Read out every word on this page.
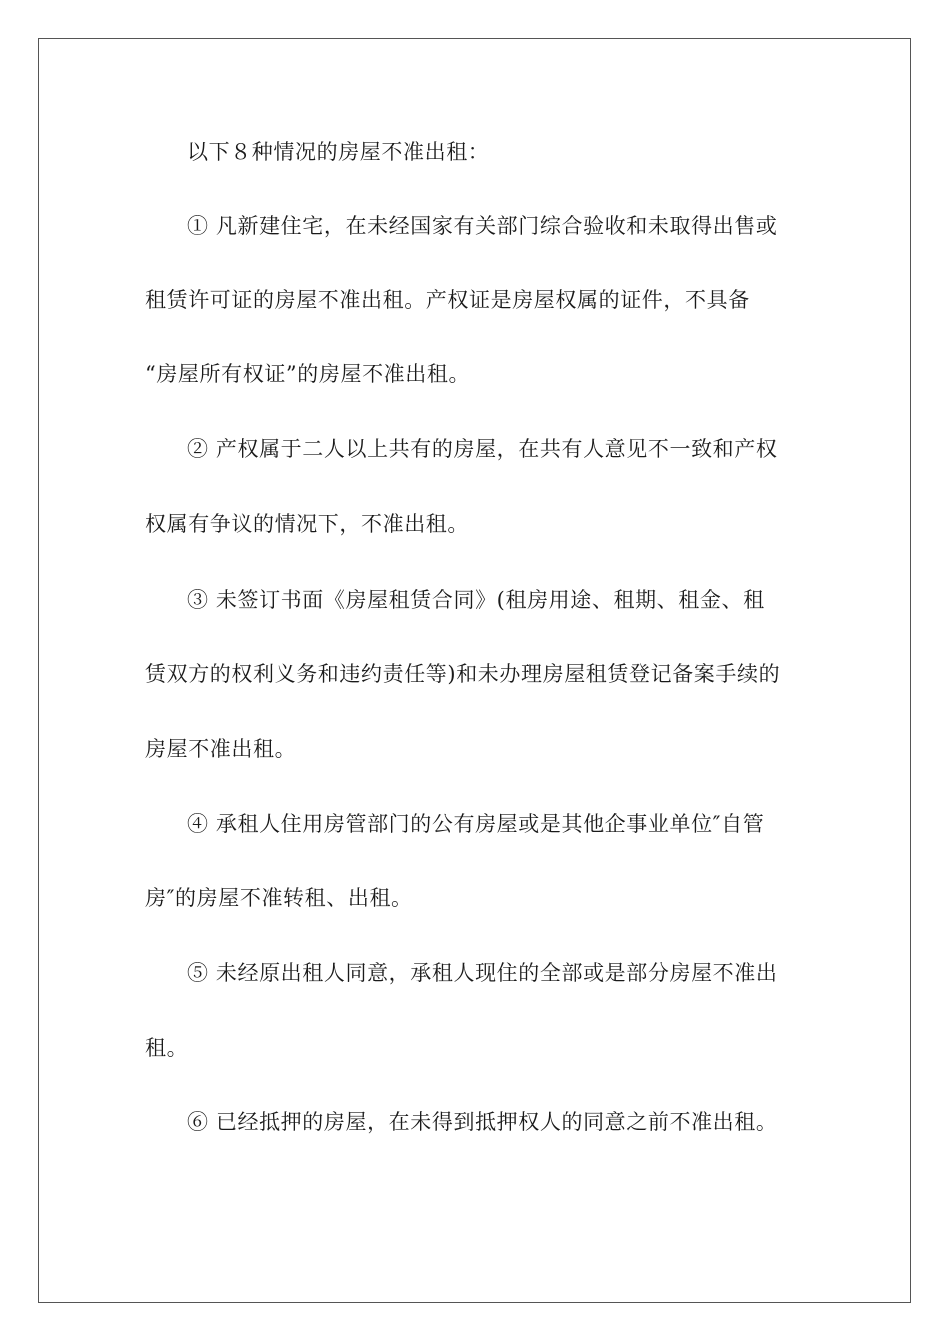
以下８种情况的房屋不准出租：

① 凡新建住宅，在未经国家有关部门综合验收和未取得出售或

租赁许可证的房屋不准出租。产权证是房屋权属的证件，不具备

“房屋所有权证”的房屋不准出租。

② 产权属于二人以上共有的房屋，在共有人意见不一致和产权

权属有争议的情况下，不准出租。

③ 未签订书面《房屋租赁合同》(租房用途、租期、租金、租

赁双方的权利义务和违约责任等)和未办理房屋租赁登记备案手续的

房屋不准出租。

④ 承租人住用房管部门的公有房屋或是其他企事业单位″自管

房″的房屋不准转租、出租。

⑤ 未经原出租人同意，承租人现住的全部或是部分房屋不准出

租。

⑥ 已经抵押的房屋，在未得到抵押权人的同意之前不准出租。
